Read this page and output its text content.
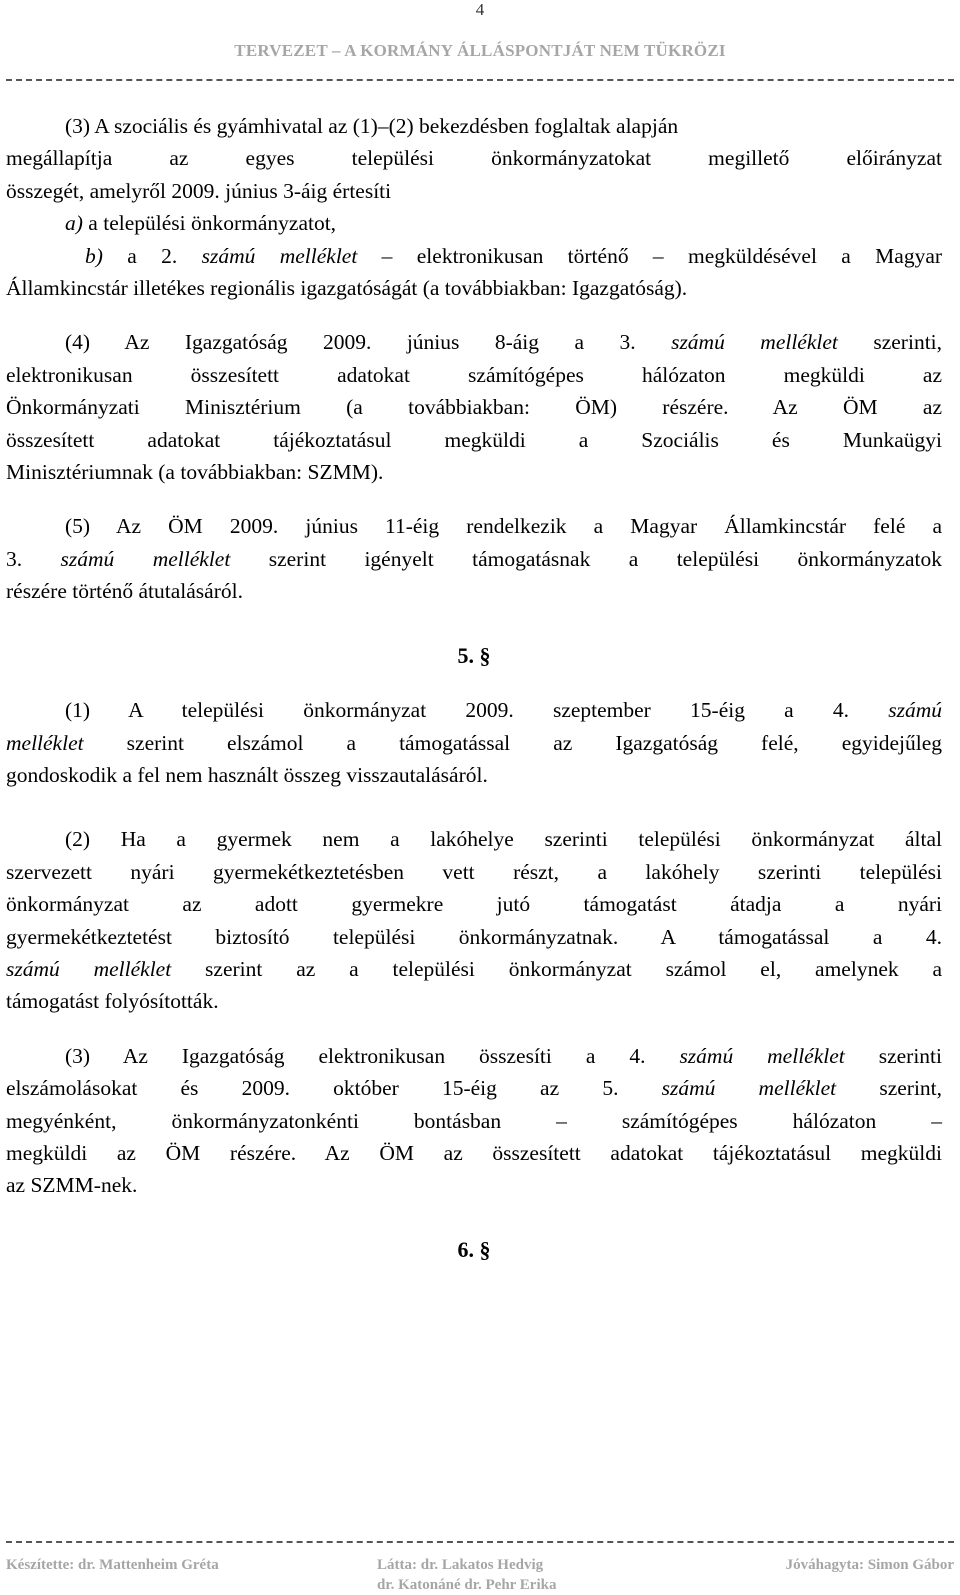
4
TERVEZET – A KORMÁNY ÁLLÁSPONTJÁT NEM TÜKRÖZI
(3) A szociális és gyámhivatal az (1)–(2) bekezdésben foglaltak alapján
megállapítja az egyes települési önkormányzatokat megillető előirányzat
összegét, amelyről 2009. június 3-áig értesíti
a) a települési önkormányzatot,
b) a 2. számú melléklet – elektronikusan történő – megküldésével a Magyar
Államkincstár illetékes regionális igazgatóságát (a továbbiakban: Igazgatóság).
(4) Az Igazgatóság 2009. június 8-áig a 3. számú melléklet szerinti,
elektronikusan összesített adatokat számítógépes hálózaton megküldi az
Önkormányzati Minisztérium (a továbbiakban: ÖM) részére. Az ÖM az
összesített adatokat tájékoztatásul megküldi a Szociális és Munkaügyi
Minisztériumnak (a továbbiakban: SZMM).
(5) Az ÖM 2009. június 11-éig rendelkezik a Magyar Államkincstár felé a
3. számú melléklet szerint igényelt támogatásnak a települési önkormányzatok
részére történő átutalásáról.

5. §

(1) A települési önkormányzat 2009. szeptember 15-éig a 4. számú
melléklet szerint elszámol a támogatással az Igazgatóság felé, egyidejűleg
gondoskodik a fel nem használt összeg visszautalásáról.
(2) Ha a gyermek nem a lakóhelye szerinti települési önkormányzat által
szervezett nyári gyermekétkeztetésben vett részt, a lakóhely szerinti települési
önkormányzat az adott gyermekre jutó támogatást átadja a nyári
gyermekétkeztetést biztosító települési önkormányzatnak. A támogatással a 4.
számú melléklet szerint az a települési önkormányzat számol el, amelynek a
támogatást folyósították.
(3) Az Igazgatóság elektronikusan összesíti a 4. számú melléklet szerinti
elszámolásokat és 2009. október 15-éig az 5. számú melléklet szerint,
megyénként, önkormányzatonkénti bontásban – számítógépes hálózaton –
megküldi az ÖM részére. Az ÖM az összesített adatokat tájékoztatásul megküldi
az SZMM-nek.

6. §

Készítette: dr. Mattenheim Gréta	Látta: dr. Lakatos Hedvig
dr. Katonáné dr. Pehr Erika
Jóváhagyta: Simon Gábor
